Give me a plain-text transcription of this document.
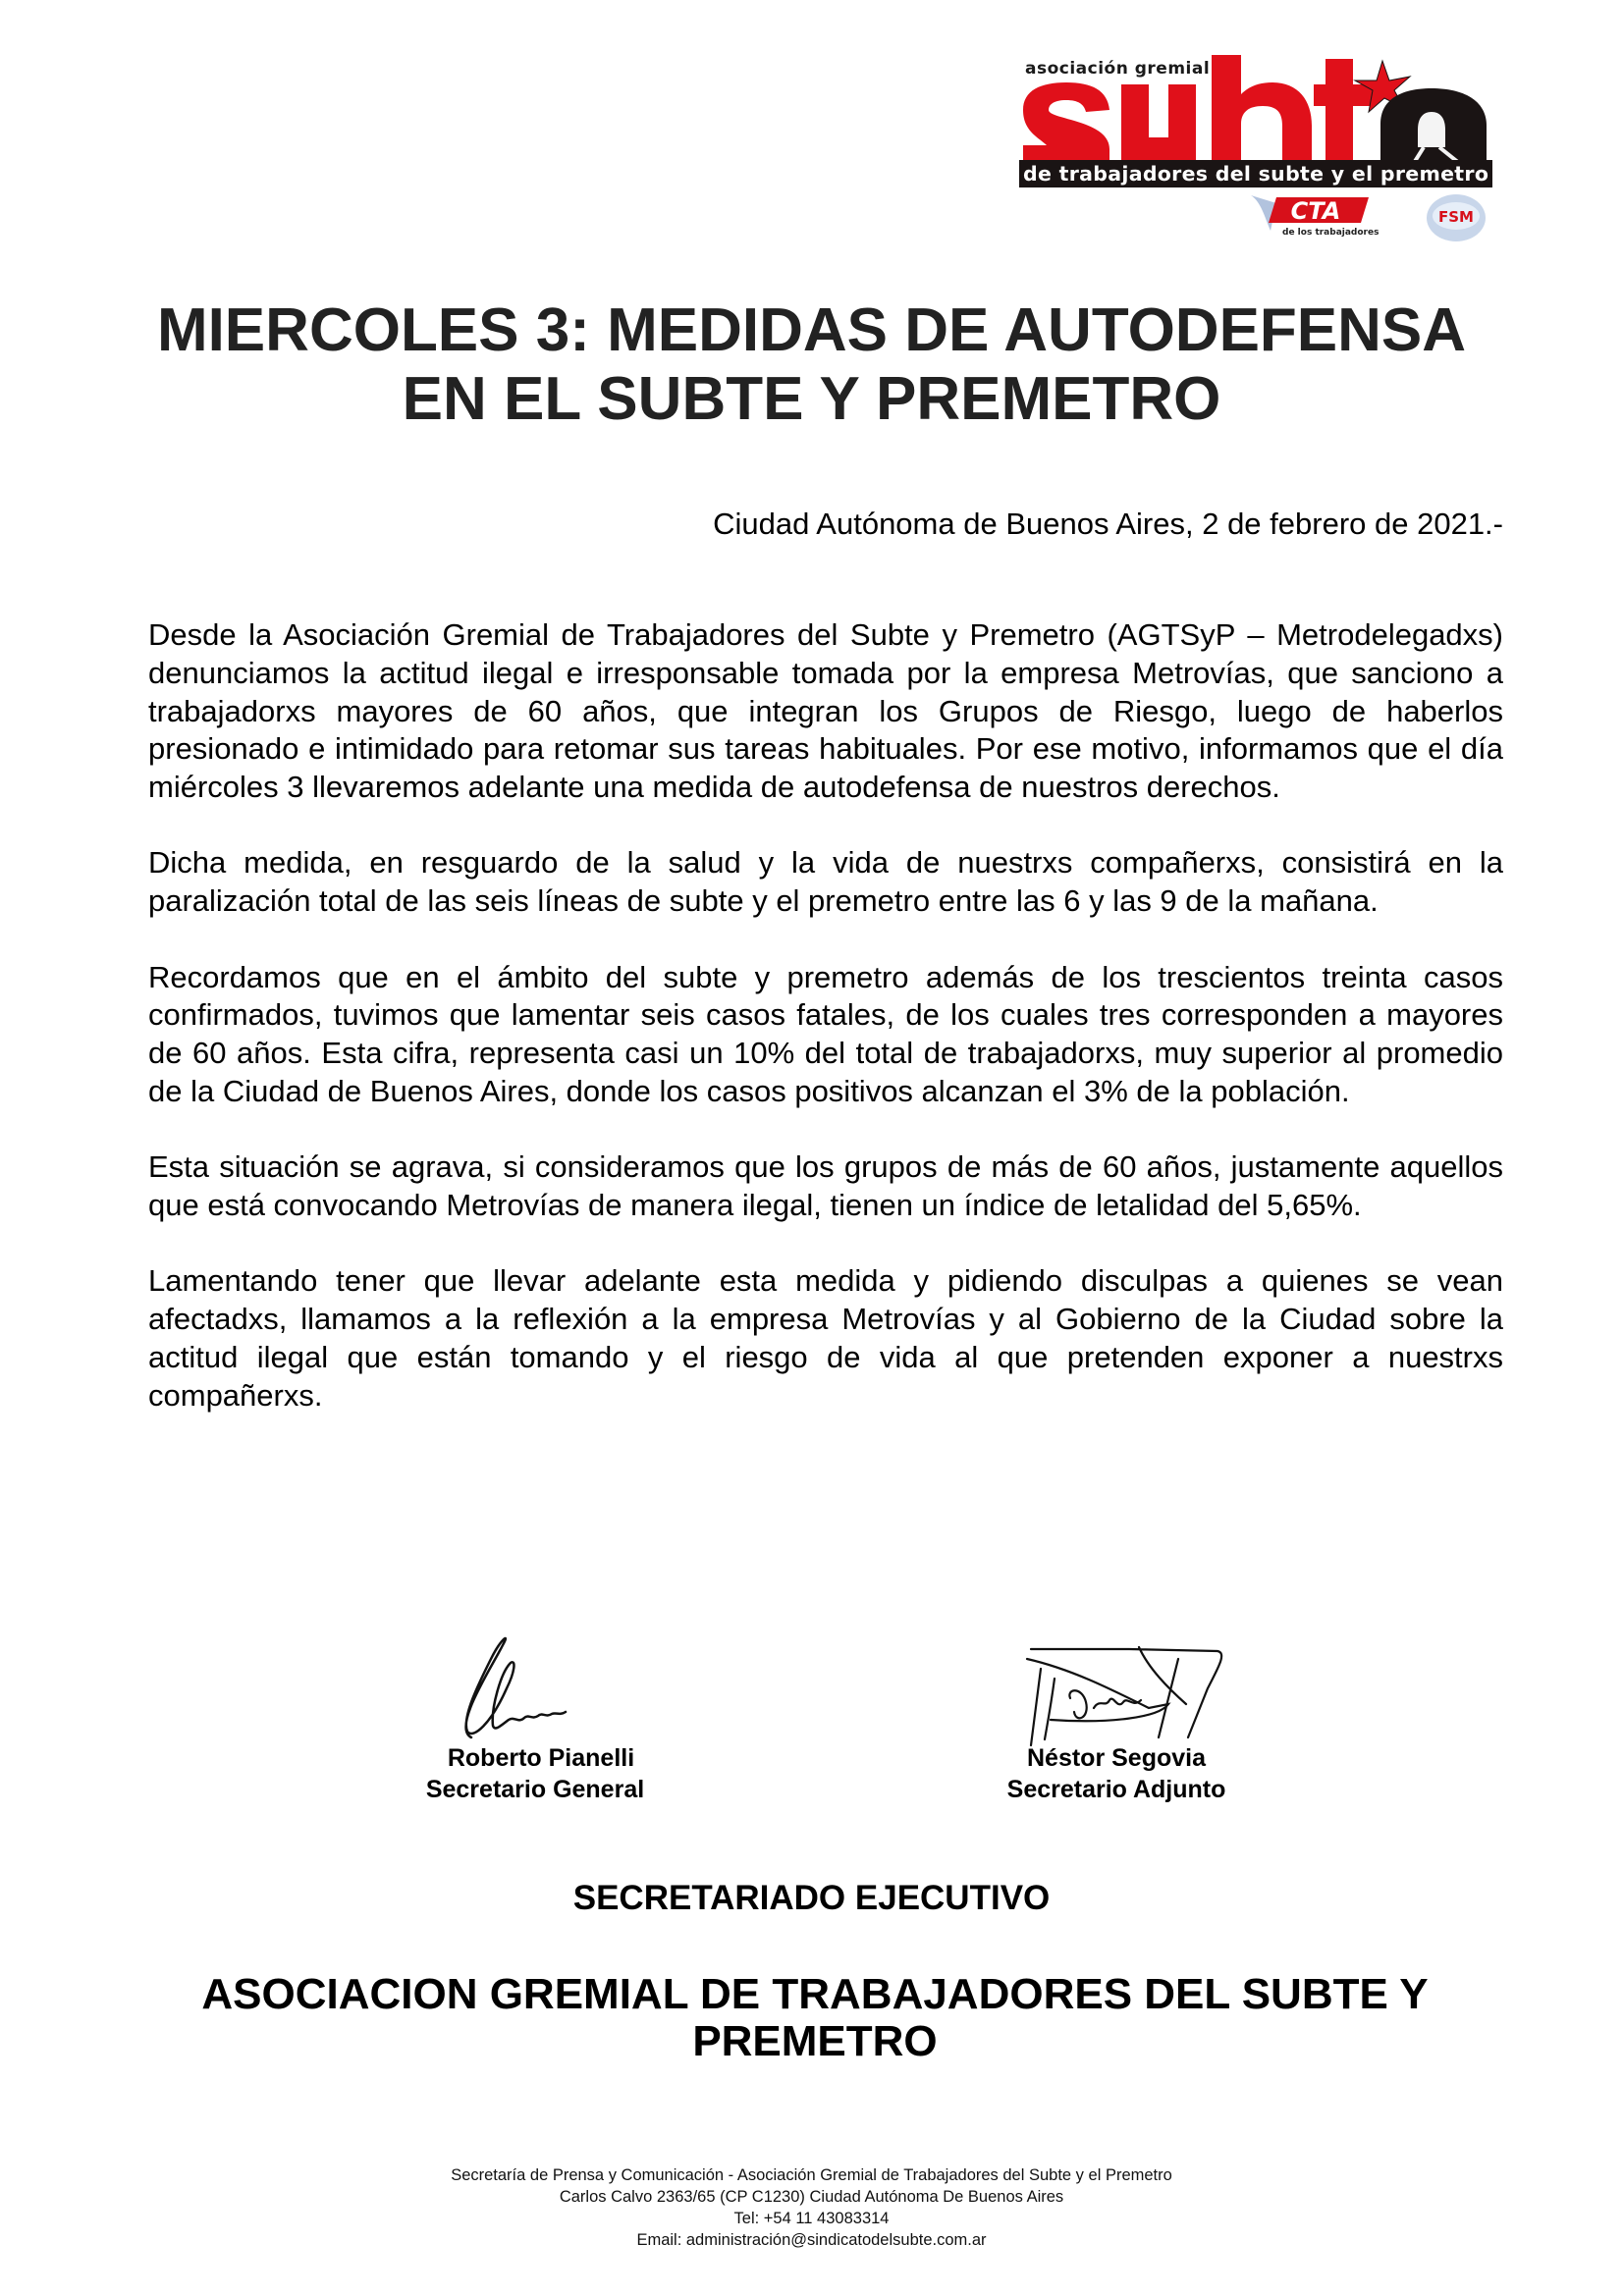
asociación gremial
de trabajadores del subte y el premetro
CTA
de los trabajadores
FSM
MIERCOLES 3: MEDIDAS DE AUTODEFENSA
EN EL SUBTE Y PREMETRO
Ciudad Autónoma de Buenos Aires, 2 de febrero de 2021.-

Desde la Asociación Gremial de Trabajadores del Subte y Premetro (AGTSyP – Metrodelegadxs) denunciamos la actitud ilegal e irresponsable tomada por la empresa Metrovías, que sanciono a trabajadorxs mayores de 60 años, que integran los Grupos de Riesgo, luego de haberlos presionado e intimidado para retomar sus tareas habituales. Por ese motivo, informamos que el día miércoles 3 llevaremos adelante una medida de autodefensa de nuestros derechos.

Dicha medida, en resguardo de la salud y la vida de nuestrxs compañerxs, consistirá en la paralización total de las seis líneas de subte y el premetro entre las 6 y las 9 de la mañana.

Recordamos que en el ámbito del subte y premetro además de los trescientos treinta casos confirmados, tuvimos que lamentar seis casos fatales, de los cuales tres corresponden a mayores de 60 años. Esta cifra, representa casi un 10% del total de trabajadorxs, muy superior al promedio de la Ciudad de Buenos Aires, donde los casos positivos alcanzan el 3% de la población.

Esta situación se agrava, si consideramos que los grupos de más de 60 años, justamente aquellos que está convocando Metrovías de manera ilegal, tienen un índice de letalidad del 5,65%.

Lamentando tener que llevar adelante esta medida y pidiendo disculpas a quienes se vean afectadxs, llamamos a la reflexión a la empresa Metrovías y al Gobierno de la Ciudad sobre la actitud ilegal que están tomando y el riesgo de vida al que pretenden exponer a nuestrxs compañerxs.

Roberto Pianelli
Secretario General
Néstor Segovia
Secretario Adjunto
SECRETARIADO EJECUTIVO
ASOCIACION GREMIAL DE TRABAJADORES DEL SUBTE Y
PREMETRO
Secretaría de Prensa y Comunicación - Asociación Gremial de Trabajadores del Subte y el Premetro
Carlos Calvo 2363/65 (CP C1230) Ciudad Autónoma De Buenos Aires
Tel: +54 11 43083314
Email: administración@sindicatodelsubte.com.ar
